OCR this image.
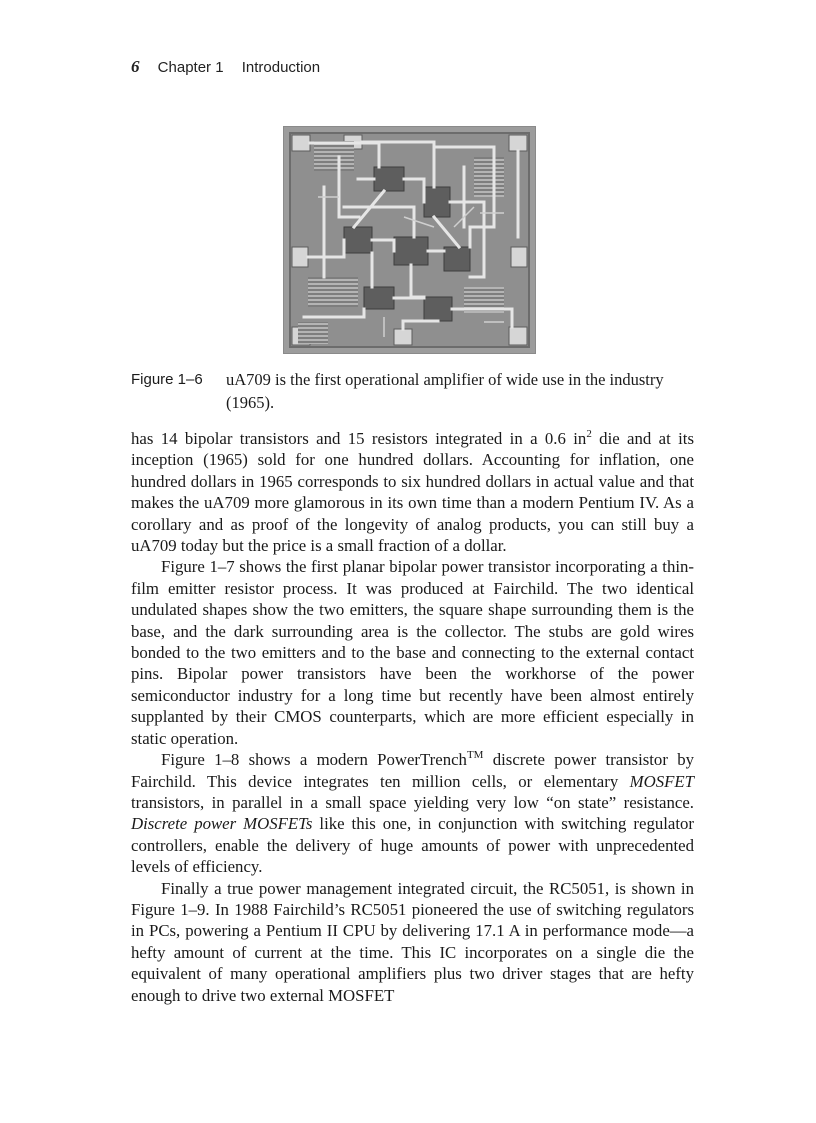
6 Chapter 1 Introduction
Figure 1–6 uA709 is the first operational amplifier of wide use in the industry (1965).

has 14 bipolar transistors and 15 resistors integrated in a 0.6 $in^2$ die and at its inception (1965) sold for one hundred dollars. Accounting for inflation, one hundred dollars in 1965 corresponds to six hundred dollars in actual value and that makes the uA709 more glamorous in its own time than a modern Pentium IV. As a corollary and as proof of the longevity of analog products, you can still buy a uA709 today but the price is a small fraction of a dollar.

Figure 1–7 shows the first planar bipolar power transistor incorporating a thin-film emitter resistor process. It was produced at Fairchild. The two identical undulated shapes show the two emitters, the square shape surrounding them is the base, and the dark surrounding area is the collector. The stubs are gold wires bonded to the two emitters and to the base and connecting to the external contact pins. Bipolar power transistors have been the workhorse of the power semiconductor industry for a long time but recently have been almost entirely supplanted by their CMOS counterparts, which are more efficient especially in static operation.

Figure 1–8 shows a modern PowerTrench™ discrete power transistor by Fairchild. This device integrates ten million cells, or elementary MOSFET transistors, in parallel in a small space yielding very low “on state” resistance. Discrete power MOSFETs like this one, in conjunction with switching regulator controllers, enable the delivery of huge amounts of power with unprecedented levels of efficiency.

Finally a true power management integrated circuit, the RC5051, is shown in Figure 1–9. In 1988 Fairchild’s RC5051 pioneered the use of switching regulators in PCs, powering a Pentium II CPU by delivering 17.1 A in performance mode—a hefty amount of current at the time. This IC incorporates on a single die the equivalent of many operational amplifiers plus two driver stages that are hefty enough to drive two external MOSFET
